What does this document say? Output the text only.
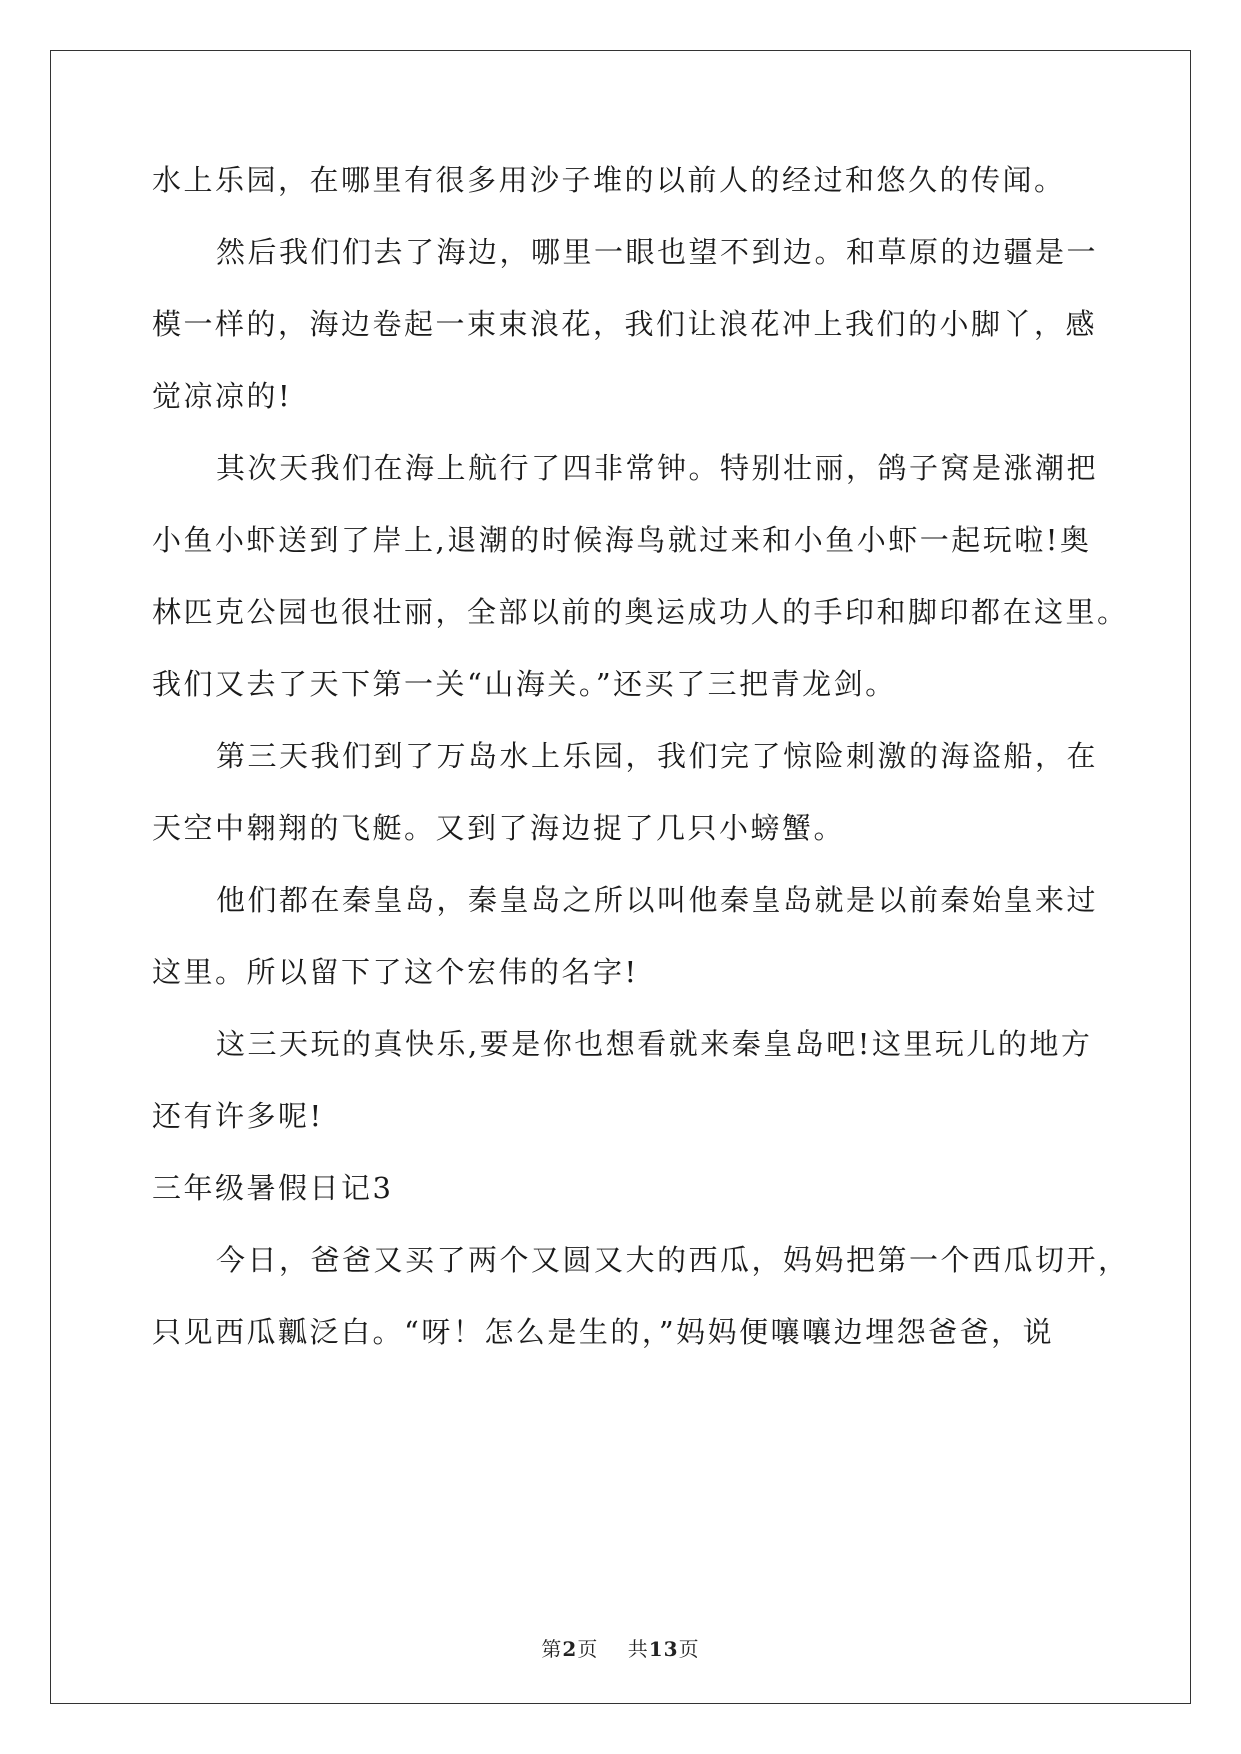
水上乐园，在哪里有很多用沙子堆的以前人的经过和悠久的传闻。
然后我们们去了海边，哪里一眼也望不到边。和草原的边疆是一
模一样的，海边卷起一束束浪花，我们让浪花冲上我们的小脚丫，感
觉凉凉的!
其次天我们在海上航行了四非常钟。特别壮丽，鸽子窝是涨潮把
小鱼小虾送到了岸上,退潮的时候海鸟就过来和小鱼小虾一起玩啦!奥
林匹克公园也很壮丽，全部以前的奥运成功人的手印和脚印都在这里。
我们又去了天下第一关“山海关。”还买了三把青龙剑。
第三天我们到了万岛水上乐园，我们完了惊险刺激的海盗船，在
天空中翱翔的飞艇。又到了海边捉了几只小螃蟹。
他们都在秦皇岛，秦皇岛之所以叫他秦皇岛就是以前秦始皇来过
这里。所以留下了这个宏伟的名字!
这三天玩的真快乐,要是你也想看就来秦皇岛吧!这里玩儿的地方
还有许多呢!
三年级暑假日记3
今日，爸爸又买了两个又圆又大的西瓜，妈妈把第一个西瓜切开，
只见西瓜瓤泛白。“呀！怎么是生的，”妈妈便嚷嚷边埋怨爸爸，说
第2页 共13页
